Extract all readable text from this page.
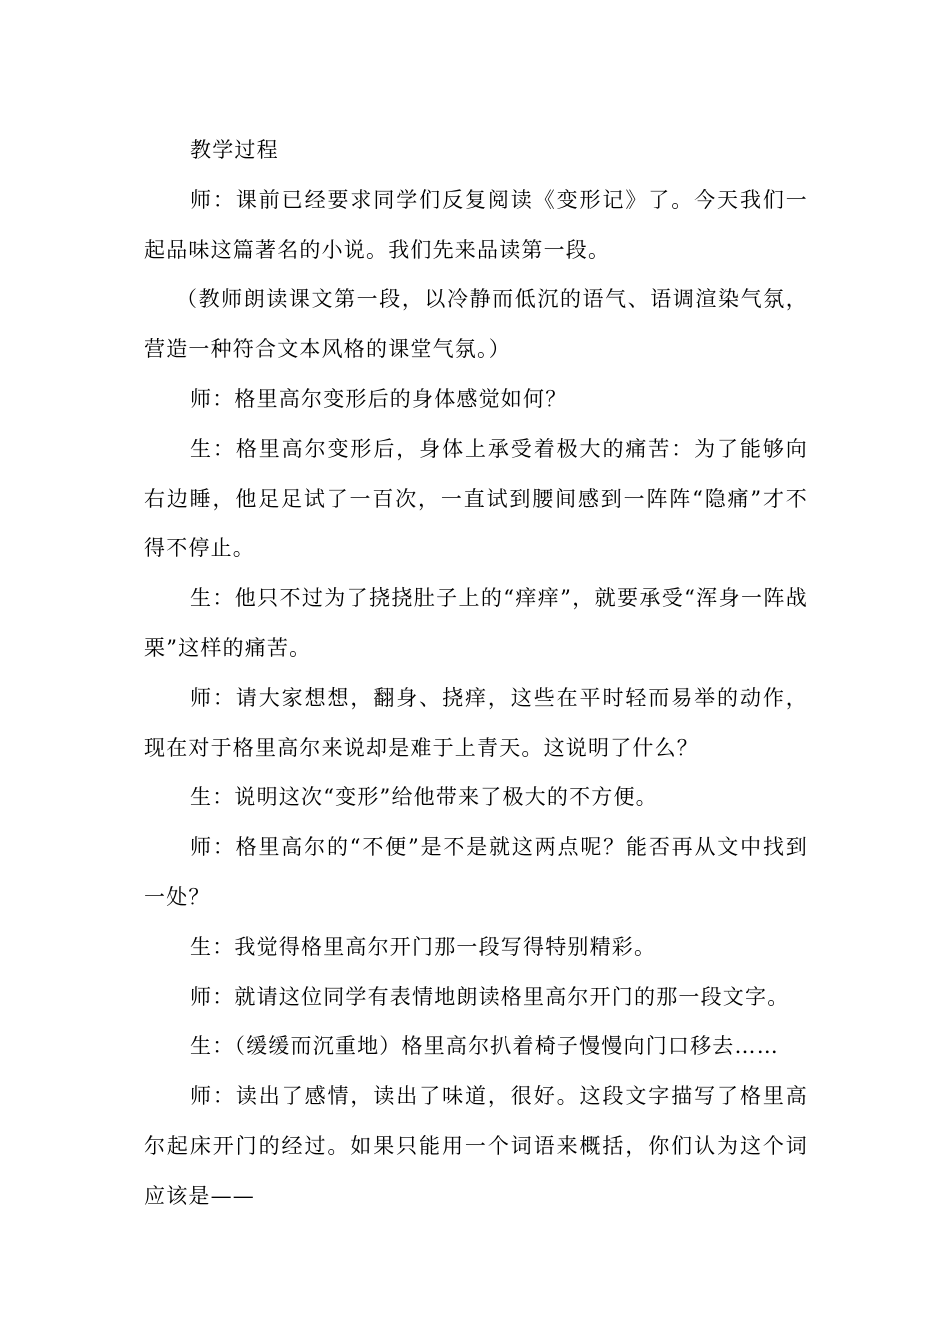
教学过程

师：课前已经要求同学们反复阅读《变形记》了。今天我们一起品味这篇著名的小说。我们先来品读第一段。

（教师朗读课文第一段，以冷静而低沉的语气、语调渲染气氛，营造一种符合文本风格的课堂气氛。）

师：格里高尔变形后的身体感觉如何？

生：格里高尔变形后，身体上承受着极大的痛苦：为了能够向右边睡，他足足试了一百次，一直试到腰间感到一阵阵“隐痛”才不得不停止。

生：他只不过为了挠挠肚子上的“痒痒”，就要承受“浑身一阵战栗”这样的痛苦。

师：请大家想想，翻身、挠痒，这些在平时轻而易举的动作，现在对于格里高尔来说却是难于上青天。这说明了什么？

生：说明这次“变形”给他带来了极大的不方便。

师：格里高尔的“不便”是不是就这两点呢？能否再从文中找到一处？

生：我觉得格里高尔开门那一段写得特别精彩。

师：就请这位同学有表情地朗读格里高尔开门的那一段文字。

生：（缓缓而沉重地）格里高尔扒着椅子慢慢向门口移去……

师：读出了感情，读出了味道，很好。这段文字描写了格里高尔起床开门的经过。如果只能用一个词语来概括，你们认为这个词应该是——
